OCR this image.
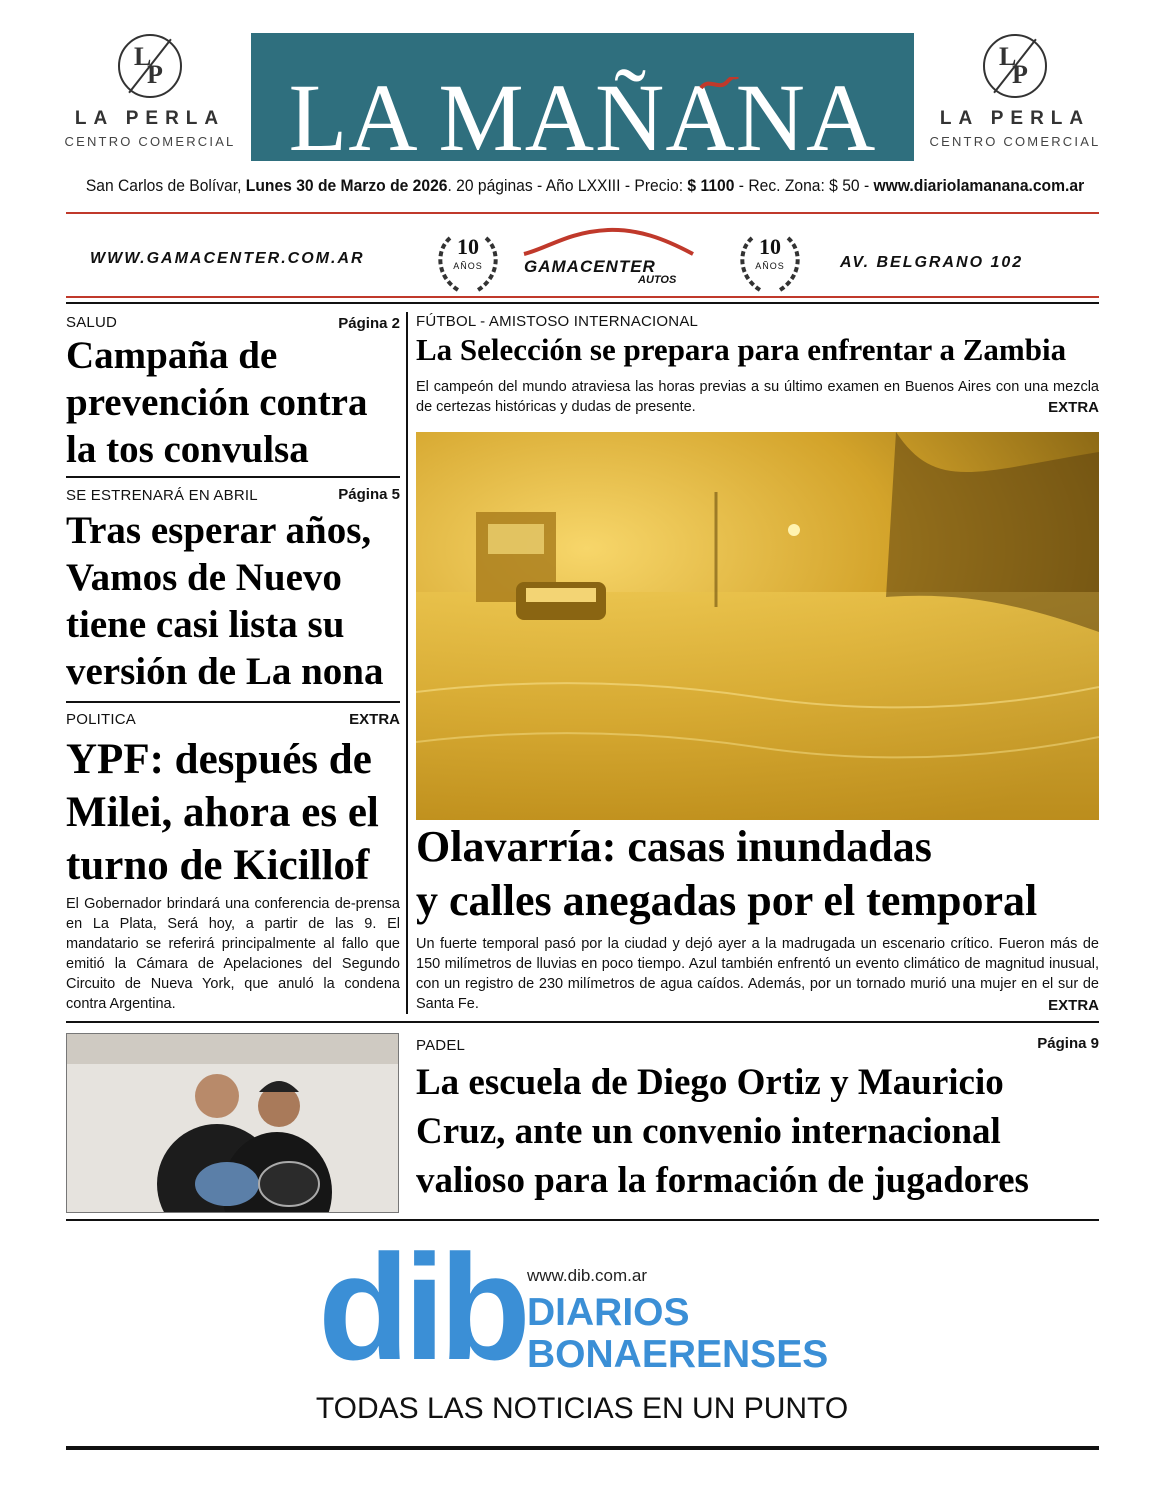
L
P
LA PERLA
CENTRO COMERCIAL LA MAÑANA
L
P
LA PERLA
CENTRO COMERCIAL
San Carlos de Bolívar, Lunes 30 de Marzo de 2026. 20 páginas - Año LXXIII - Precio: $ 1100 - Rec. Zona: $ 50 - www.diariolamanana.com.ar
WWW.GAMACENTER.COM.AR	10
AÑOS	GAMACENTER
AUTOS
10
AÑOS	AV. BELGRANO 102
SALUD	Página 2
Campaña de
prevención contra
la tos convulsa
SE ESTRENARÁ EN ABRIL	Página 5
Tras esperar años,
Vamos de Nuevo
tiene casi lista su
versión de La nona
POLITICA	EXTRA
YPF: después de
Milei, ahora es el
turno de Kicillof
El Gobernador brindará una conferencia de-prensa en La Plata, Será hoy, a partir de las 9. El mandatario se referirá principalmente al fallo que emitió la Cámara de Apelaciones del Segundo Circuito de Nueva York, que anuló la condena contra Argentina.
FÚTBOL - AMISTOSO INTERNACIONAL
La Selección se prepara para enfrentar a Zambia
El campeón del mundo atraviesa las horas previas a su último examen en Buenos Aires con una mezcla de certezas históricas y dudas de presente.	EXTRA
Olavarría: casas inundadas
y calles anegadas por el temporal
Un fuerte temporal pasó por la ciudad y dejó ayer a la madrugada un escenario crítico. Fueron más de 150 milímetros de lluvias en poco tiempo. Azul también enfrentó un evento climático de magnitud inusual, con un registro de 230 milímetros de agua caídos. Además, por un tornado murió una mujer en el sur de Santa Fe.	EXTRA
PADEL	Página 9
La escuela de Diego Ortiz y Mauricio
Cruz, ante un convenio internacional
valioso para la formación de jugadores
dib www.dib.com.ar
DIARIOS
BONAERENSES
TODAS LAS NOTICIAS EN UN PUNTO
